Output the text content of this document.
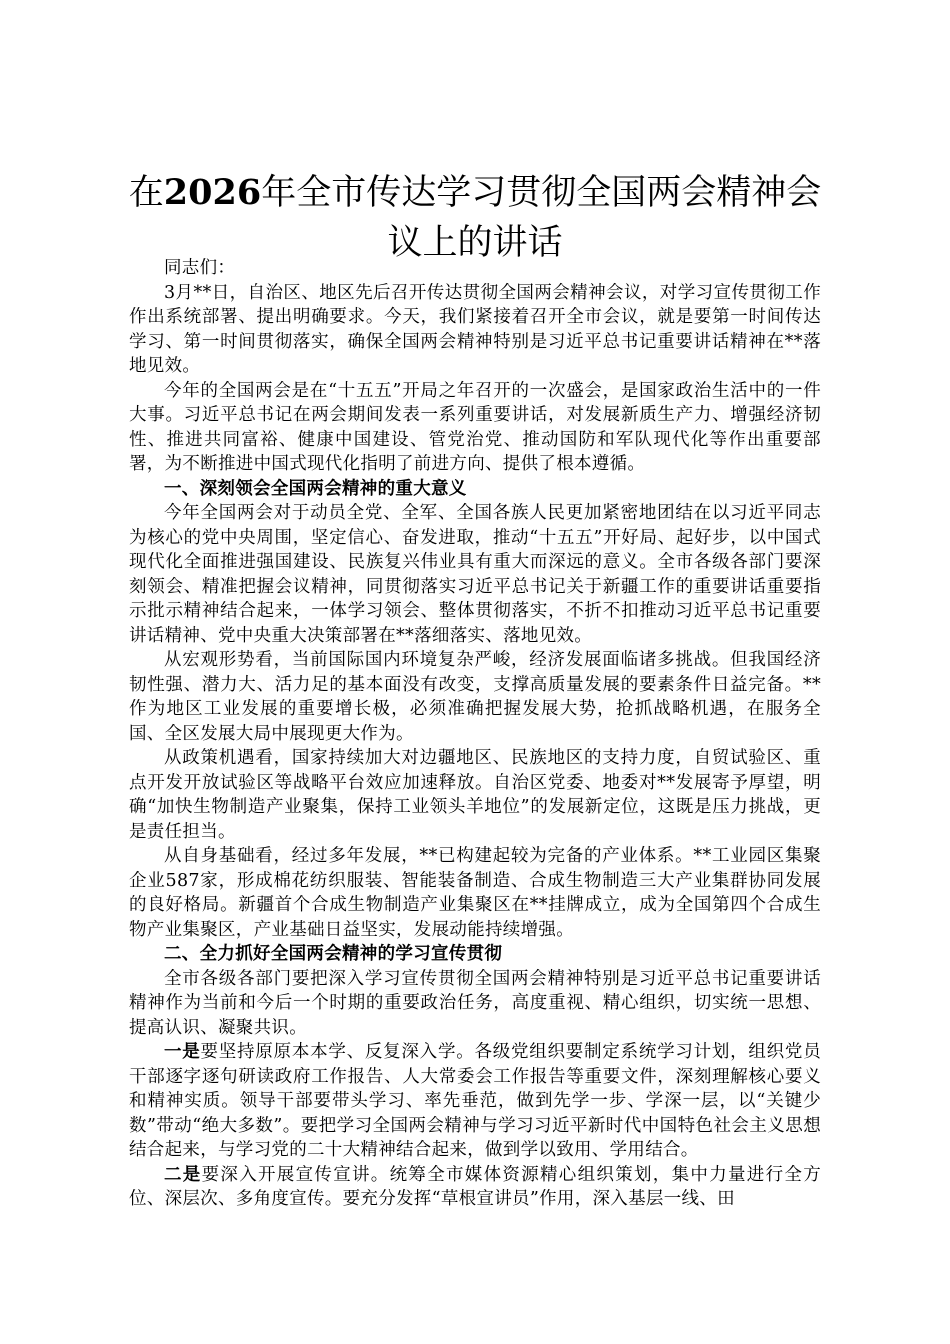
在2026年全市传达学习贯彻全国两会精神会议上的讲话

同志们：

3月**日，自治区、地区先后召开传达贯彻全国两会精神会议，对学习宣传贯彻工作作出系统部署、提出明确要求。今天，我们紧接着召开全市会议，就是要第一时间传达学习、第一时间贯彻落实，确保全国两会精神特别是习近平总书记重要讲话精神在**落地见效。

今年的全国两会是在“十五五”开局之年召开的一次盛会，是国家政治生活中的一件大事。习近平总书记在两会期间发表一系列重要讲话，对发展新质生产力、增强经济韧性、推进共同富裕、健康中国建设、管党治党、推动国防和军队现代化等作出重要部署，为不断推进中国式现代化指明了前进方向、提供了根本遵循。

一、深刻领会全国两会精神的重大意义

今年全国两会对于动员全党、全军、全国各族人民更加紧密地团结在以习近平同志为核心的党中央周围，坚定信心、奋发进取，推动“十五五”开好局、起好步，以中国式现代化全面推进强国建设、民族复兴伟业具有重大而深远的意义。全市各级各部门要深刻领会、精准把握会议精神，同贯彻落实习近平总书记关于新疆工作的重要讲话重要指示批示精神结合起来，一体学习领会、整体贯彻落实，不折不扣推动习近平总书记重要讲话精神、党中央重大决策部署在**落细落实、落地见效。

从宏观形势看，当前国际国内环境复杂严峻，经济发展面临诸多挑战。但我国经济韧性强、潜力大、活力足的基本面没有改变，支撑高质量发展的要素条件日益完备。**作为地区工业发展的重要增长极，必须准确把握发展大势，抢抓战略机遇，在服务全国、全区发展大局中展现更大作为。

从政策机遇看，国家持续加大对边疆地区、民族地区的支持力度，自贸试验区、重点开发开放试验区等战略平台效应加速释放。自治区党委、地委对**发展寄予厚望，明确“加快生物制造产业聚集，保持工业领头羊地位”的发展新定位，这既是压力挑战，更是责任担当。

从自身基础看，经过多年发展，**已构建起较为完备的产业体系。**工业园区集聚企业587家，形成棉花纺织服装、智能装备制造、合成生物制造三大产业集群协同发展的良好格局。新疆首个合成生物制造产业集聚区在**挂牌成立，成为全国第四个合成生物产业集聚区，产业基础日益坚实，发展动能持续增强。

二、全力抓好全国两会精神的学习宣传贯彻

全市各级各部门要把深入学习宣传贯彻全国两会精神特别是习近平总书记重要讲话精神作为当前和今后一个时期的重要政治任务，高度重视、精心组织，切实统一思想、提高认识、凝聚共识。

一是要坚持原原本本学、反复深入学。各级党组织要制定系统学习计划，组织党员干部逐字逐句研读政府工作报告、人大常委会工作报告等重要文件，深刻理解核心要义和精神实质。领导干部要带头学习、率先垂范，做到先学一步、学深一层，以“关键少数”带动“绝大多数”。要把学习全国两会精神与学习习近平新时代中国特色社会主义思想结合起来，与学习党的二十大精神结合起来，做到学以致用、学用结合。

二是要深入开展宣传宣讲。统筹全市媒体资源精心组织策划，集中力量进行全方位、深层次、多角度宣传。要充分发挥“草根宣讲员”作用，深入基层一线、田
